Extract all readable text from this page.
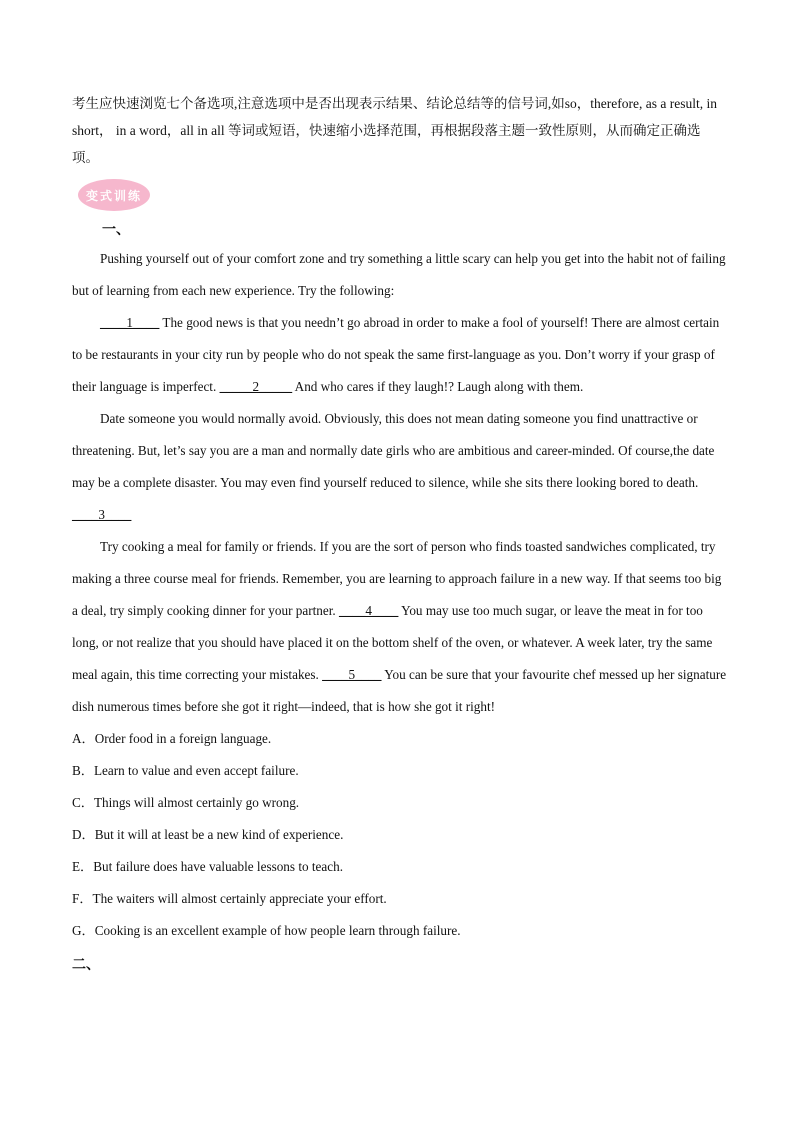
考生应快速浏览七个备选项,注意选项中是否出现表示结果、结论总结等的信号词,如so，therefore, as a result, in short， in a word，all in all 等词或短语，快速缩小选择范围，再根据段落主题一致性原则，从而确定正确选项。

变式训练
一、

Pushing yourself out of your comfort zone and try something a little scary can help you get into the habit not of failing but of learning from each new experience. Try the following:

____1____ The good news is that you needn’t go abroad in order to make a fool of yourself! There are almost certain to be restaurants in your city run by people who do not speak the same first-language as you. Don’t worry if your grasp of their language is imperfect. _____2_____ And who cares if they laugh!? Laugh along with them.

Date someone you would normally avoid. Obviously, this does not mean dating someone you find unattractive or threatening. But, let’s say you are a man and normally date girls who are ambitious and career-minded. Of course,the date may be a complete disaster. You may even find yourself reduced to silence, while she sits there looking bored to death. ____3____

Try cooking a meal for family or friends. If you are the sort of person who finds toasted sandwiches complicated, try making a three course meal for friends. Remember, you are learning to approach failure in a new way. If that seems too big a deal, try simply cooking dinner for your partner. ____4____ You may use too much sugar, or leave the meat in for too long, or not realize that you should have placed it on the bottom shelf of the oven, or whatever. A week later, try the same meal again, this time correcting your mistakes. ____5____ You can be sure that your favourite chef messed up her signature dish numerous times before she got it right—indeed, that is how she got it right!

A．Order food in a foreign language.

B．Learn to value and even accept failure.

C．Things will almost certainly go wrong.

D．But it will at least be a new kind of experience.

E．But failure does have valuable lessons to teach.

F．The waiters will almost certainly appreciate your effort.

G．Cooking is an excellent example of how people learn through failure.

二、
